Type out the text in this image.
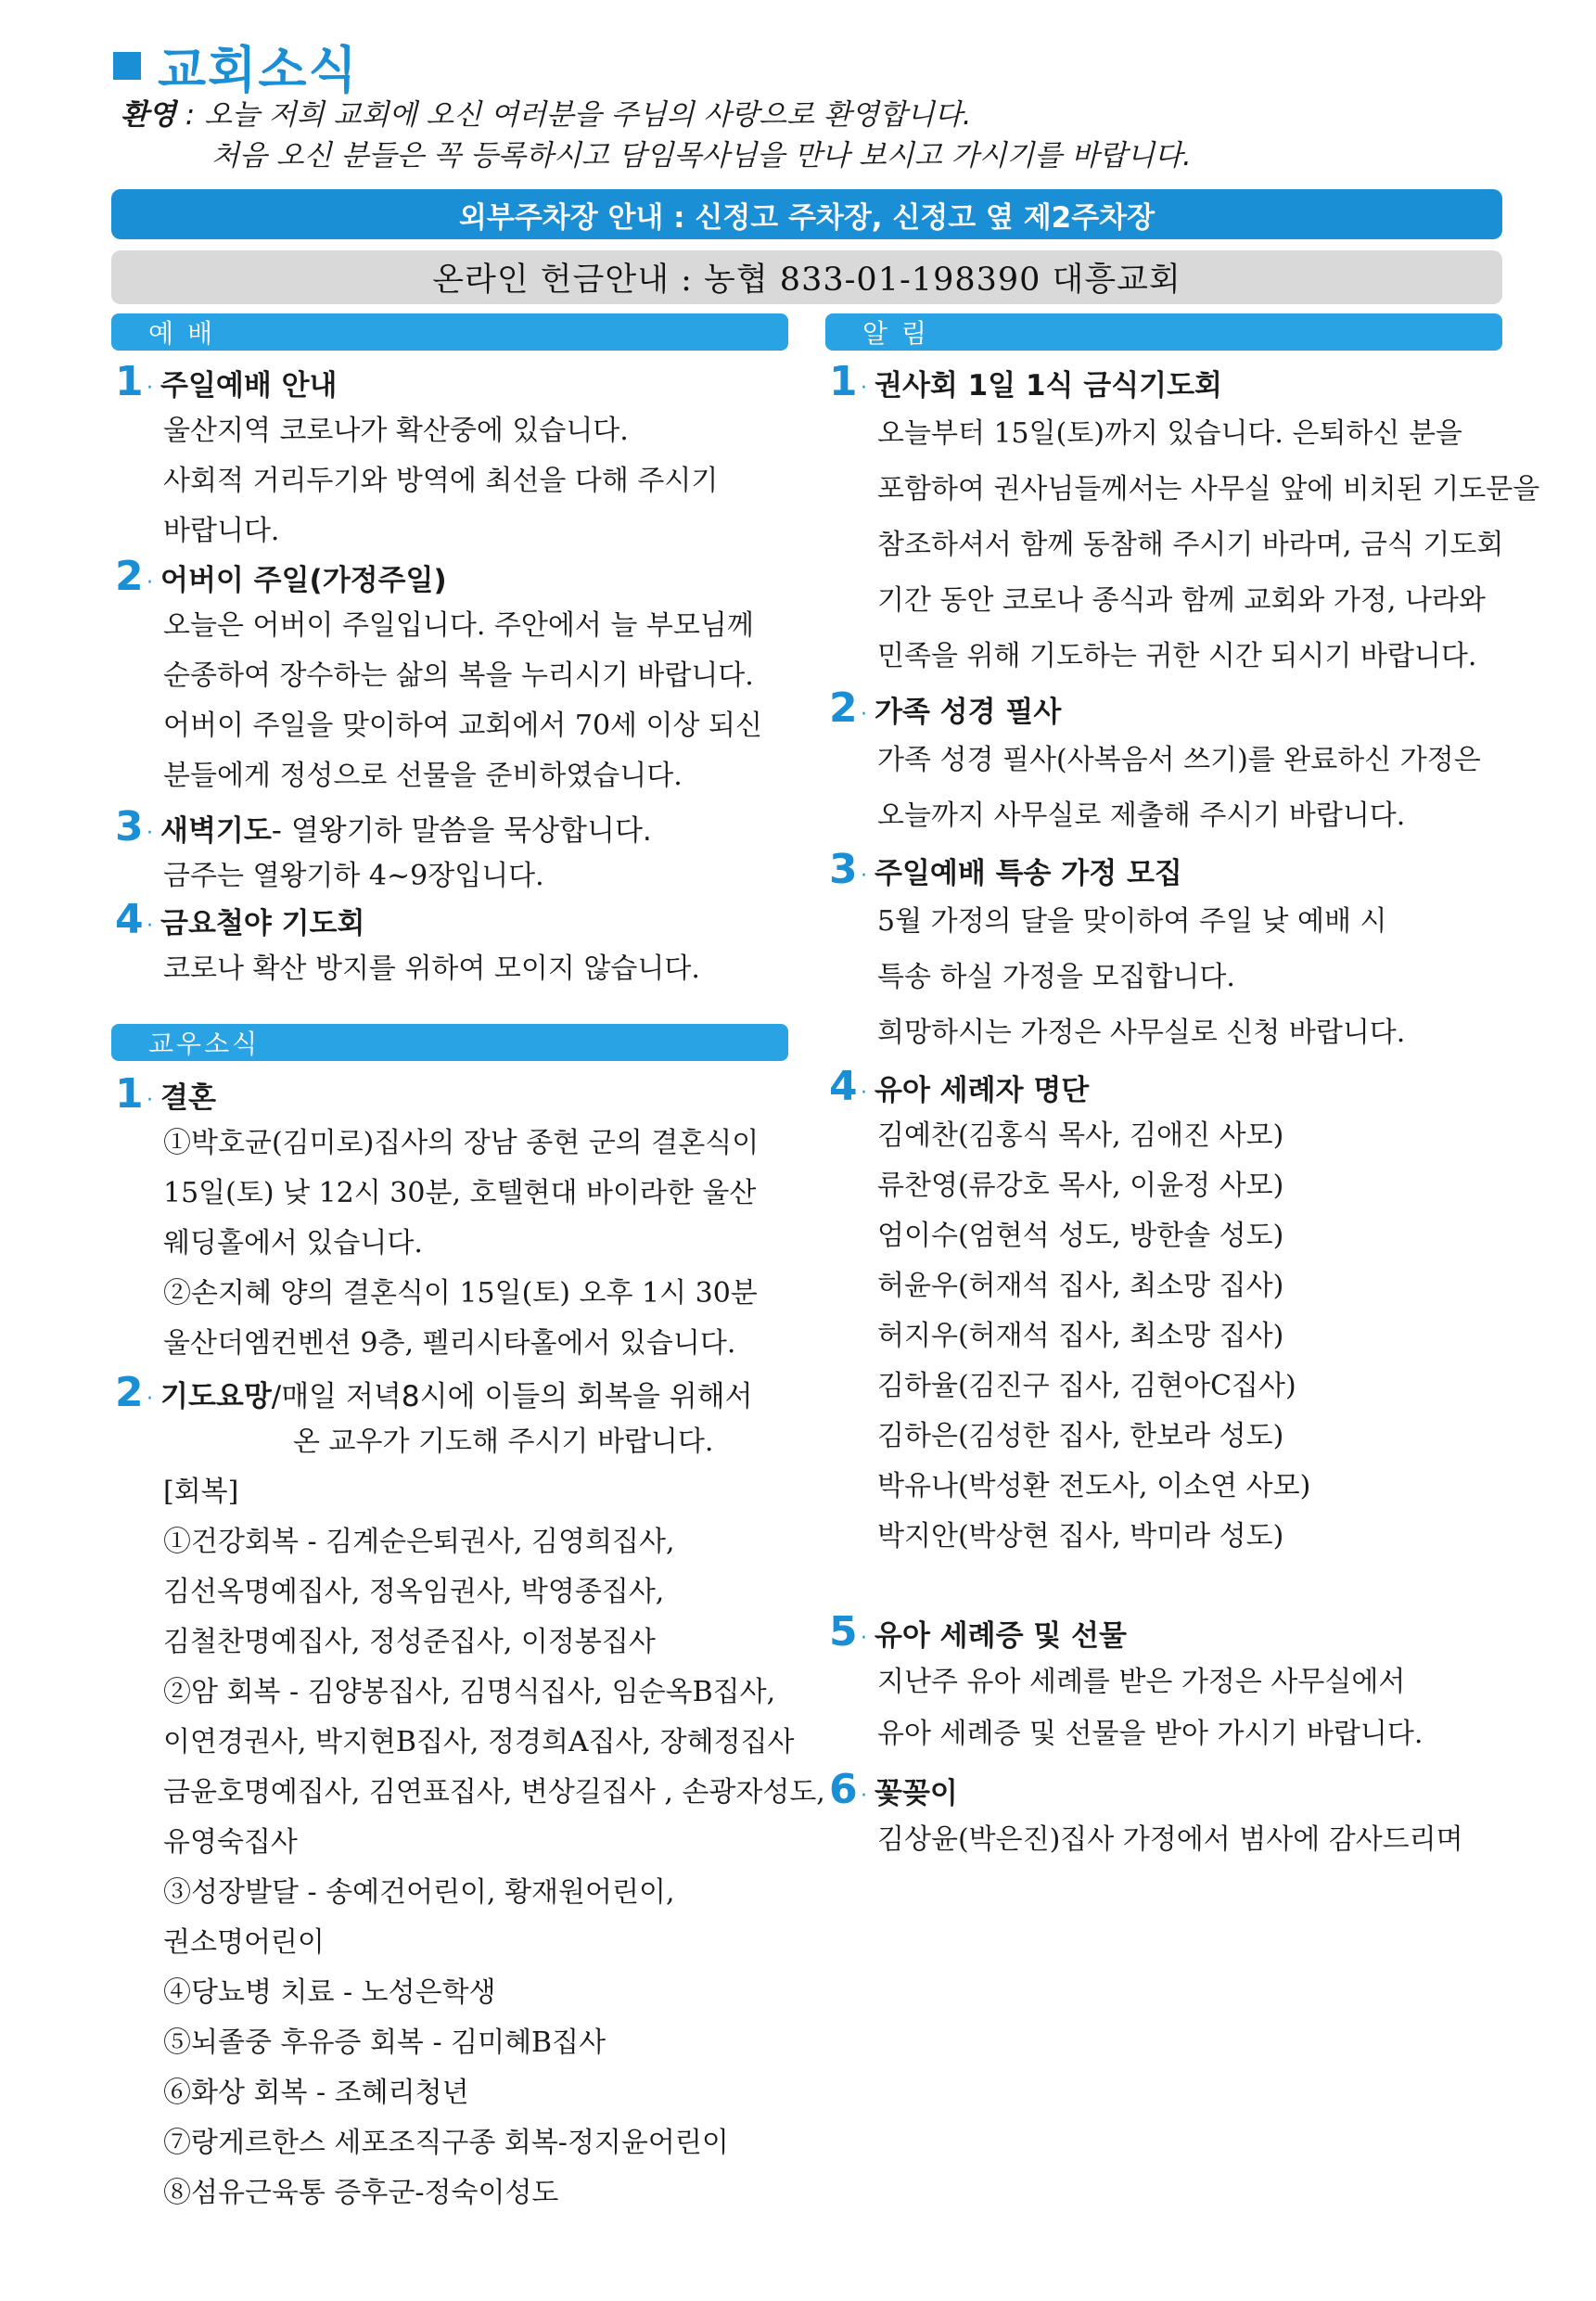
교회소식
환영 : 오늘 저희 교회에 오신 여러분을 주님의 사랑으로 환영합니다.
처음 오신 분들은 꼭 등록하시고 담임목사님을 만나 보시고 가시기를 바랍니다.
외부주차장 안내 : 신정고 주차장, 신정고 옆 제2주차장
온라인 헌금안내 : 농협 833-01-198390 대흥교회
예 배
교우소식
알 림
1 · 주일예배 안내
울산지역 코로나가 확산중에 있습니다.
사회적 거리두기와 방역에 최선을 다해 주시기
바랍니다.
2 · 어버이 주일(가정주일)
오늘은 어버이 주일입니다. 주안에서 늘 부모님께
순종하여 장수하는 삶의 복을 누리시기 바랍니다.
어버이 주일을 맞이하여 교회에서 70세 이상 되신
분들에게 정성으로 선물을 준비하였습니다.
3 · 새벽기도 - 열왕기하 말씀을 묵상합니다.
금주는 열왕기하 4~9장입니다.
4 · 금요철야 기도회
코로나 확산 방지를 위하여 모이지 않습니다.
1 · 결혼
①박호균(김미로)집사의 장남 종현 군의 결혼식이
15일(토) 낮 12시 30분, 호텔현대 바이라한 울산
웨딩홀에서 있습니다.
②손지혜 양의 결혼식이 15일(토) 오후 1시 30분
울산더엠컨벤션 9층, 펠리시타홀에서 있습니다.
2 · 기도요망 /매일 저녁8시에 이들의 회복을 위해서
온 교우가 기도해 주시기 바랍니다.
[회복]
①건강회복 - 김계순은퇴권사, 김영희집사,
김선옥명예집사, 정옥임권사, 박영종집사,
김철찬명예집사, 정성준집사, 이정봉집사
②암 회복 - 김양봉집사, 김명식집사, 임순옥B집사,
이연경권사, 박지현B집사, 정경희A집사, 장혜정집사
금윤호명예집사, 김연표집사, 변상길집사 , 손광자성도,
유영숙집사
③성장발달 - 송예건어린이, 황재원어린이,
권소명어린이
④당뇨병 치료 - 노성은학생
⑤뇌졸중 후유증 회복 - 김미혜B집사
⑥화상 회복 - 조혜리청년
⑦랑게르한스 세포조직구종 회복-정지윤어린이
⑧섬유근육통 증후군-정숙이성도
1 · 권사회 1일 1식 금식기도회
오늘부터 15일(토)까지 있습니다. 은퇴하신 분을
포함하여 권사님들께서는 사무실 앞에 비치된 기도문을
참조하셔서 함께 동참해 주시기 바라며, 금식 기도회
기간 동안 코로나 종식과 함께 교회와 가정, 나라와
민족을 위해 기도하는 귀한 시간 되시기 바랍니다.
2 · 가족 성경 필사
가족 성경 필사(사복음서 쓰기)를 완료하신 가정은
오늘까지 사무실로 제출해 주시기 바랍니다.
3 · 주일예배 특송 가정 모집
5월 가정의 달을 맞이하여 주일 낮 예배 시
특송 하실 가정을 모집합니다.
희망하시는 가정은 사무실로 신청 바랍니다.
4 · 유아 세례자 명단
김예찬(김홍식 목사, 김애진 사모)
류찬영(류강호 목사, 이윤정 사모)
엄이수(엄현석 성도, 방한솔 성도)
허윤우(허재석 집사, 최소망 집사)
허지우(허재석 집사, 최소망 집사)
김하율(김진구 집사, 김현아C집사)
김하은(김성한 집사, 한보라 성도)
박유나(박성환 전도사, 이소연 사모)
박지안(박상현 집사, 박미라 성도)
5 · 유아 세례증 및 선물
지난주 유아 세례를 받은 가정은 사무실에서
유아 세례증 및 선물을 받아 가시기 바랍니다.
6 · 꽃꽂이
김상윤(박은진)집사 가정에서 범사에 감사드리며
